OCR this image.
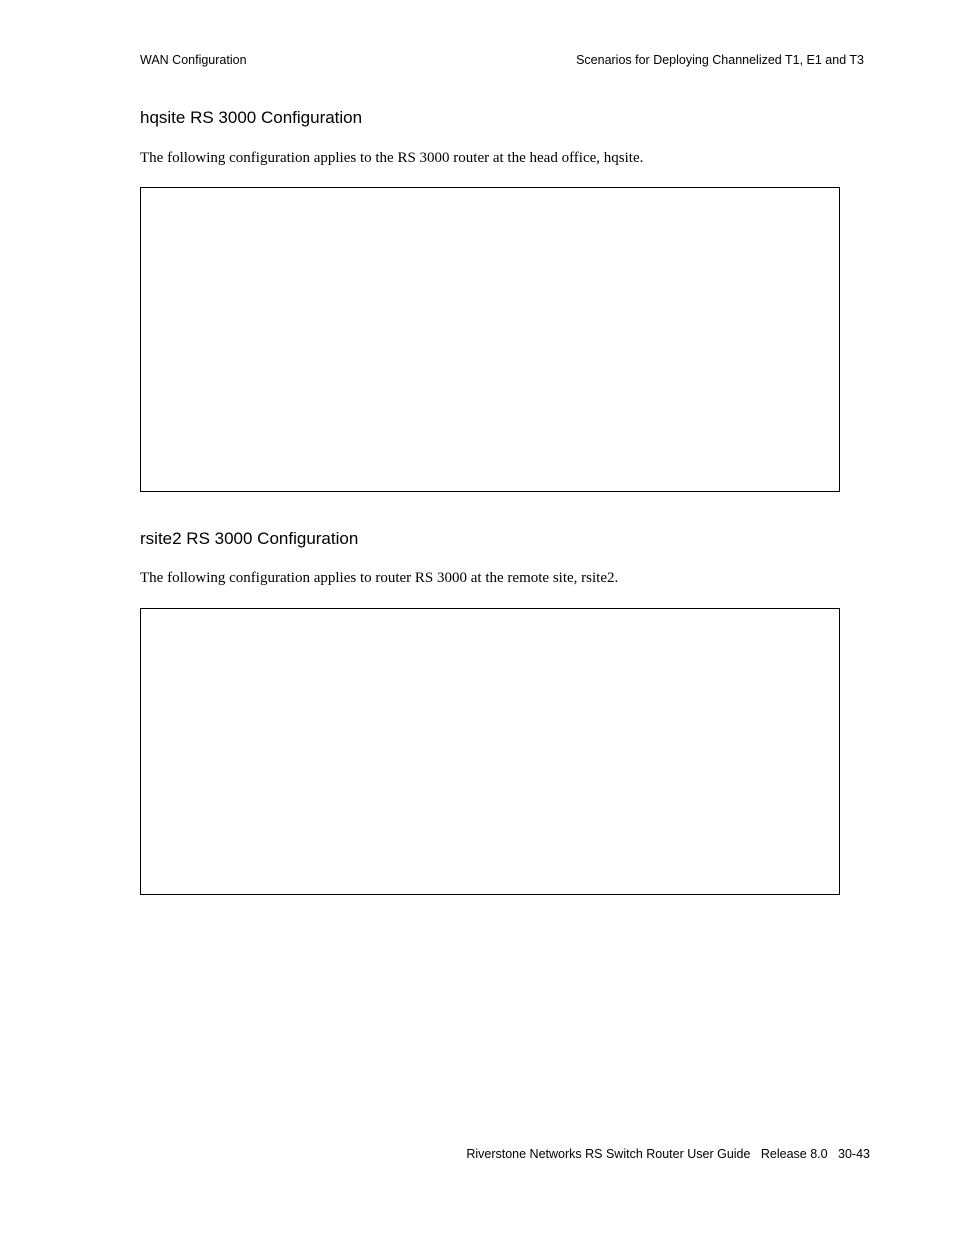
WAN Configuration	Scenarios for Deploying Channelized T1, E1 and T3
hqsite RS 3000 Configuration
The following configuration applies to the RS 3000 router at the head office, hqsite.
rsite2 RS 3000 Configuration
The following configuration applies to router RS 3000 at the remote site, rsite2.
Riverstone Networks RS Switch Router User Guide Release 8.0 30-43
